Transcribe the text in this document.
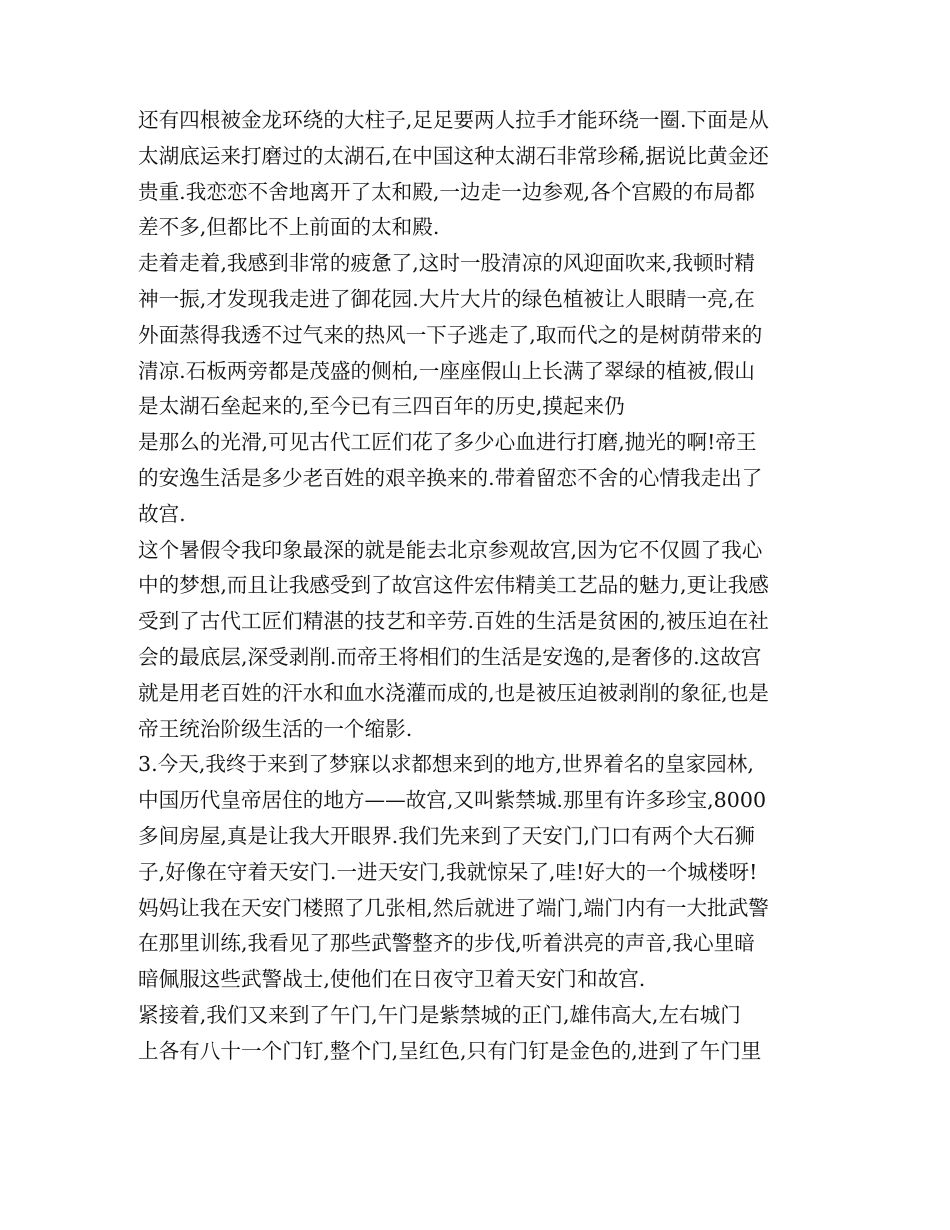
还有四根被金龙环绕的大柱子,足足要两人拉手才能环绕一圈.下面是从
太湖底运来打磨过的太湖石,在中国这种太湖石非常珍稀,据说比黄金还
贵重.我恋恋不舍地离开了太和殿,一边走一边参观,各个宫殿的布局都
差不多,但都比不上前面的太和殿.
走着走着,我感到非常的疲惫了,这时一股清凉的风迎面吹来,我顿时精
神一振,才发现我走进了御花园.大片大片的绿色植被让人眼睛一亮,在
外面蒸得我透不过气来的热风一下子逃走了,取而代之的是树荫带来的
清凉.石板两旁都是茂盛的侧柏,一座座假山上长满了翠绿的植被,假山
是太湖石垒起来的,至今已有三四百年的历史,摸起来仍
是那么的光滑,可见古代工匠们花了多少心血进行打磨,抛光的啊!帝王
的安逸生活是多少老百姓的艰辛换来的.带着留恋不舍的心情我走出了
故宫.
这个暑假令我印象最深的就是能去北京参观故宫,因为它不仅圆了我心
中的梦想,而且让我感受到了故宫这件宏伟精美工艺品的魅力,更让我感
受到了古代工匠们精湛的技艺和辛劳.百姓的生活是贫困的,被压迫在社
会的最底层,深受剥削.而帝王将相们的生活是安逸的,是奢侈的.这故宫
就是用老百姓的汗水和血水浇灌而成的,也是被压迫被剥削的象征,也是
帝王统治阶级生活的一个缩影.
3.今天,我终于来到了梦寐以求都想来到的地方,世界着名的皇家园林,
中国历代皇帝居住的地方——故宫,又叫紫禁城.那里有许多珍宝,8000
多间房屋,真是让我大开眼界.我们先来到了天安门,门口有两个大石狮
子,好像在守着天安门.一进天安门,我就惊呆了,哇!好大的一个城楼呀!
妈妈让我在天安门楼照了几张相,然后就进了端门,端门内有一大批武警
在那里训练,我看见了那些武警整齐的步伐,听着洪亮的声音,我心里暗
暗佩服这些武警战士,使他们在日夜守卫着天安门和故宫.
紧接着,我们又来到了午门,午门是紫禁城的正门,雄伟高大,左右城门
上各有八十一个门钉,整个门,呈红色,只有门钉是金色的,进到了午门里
